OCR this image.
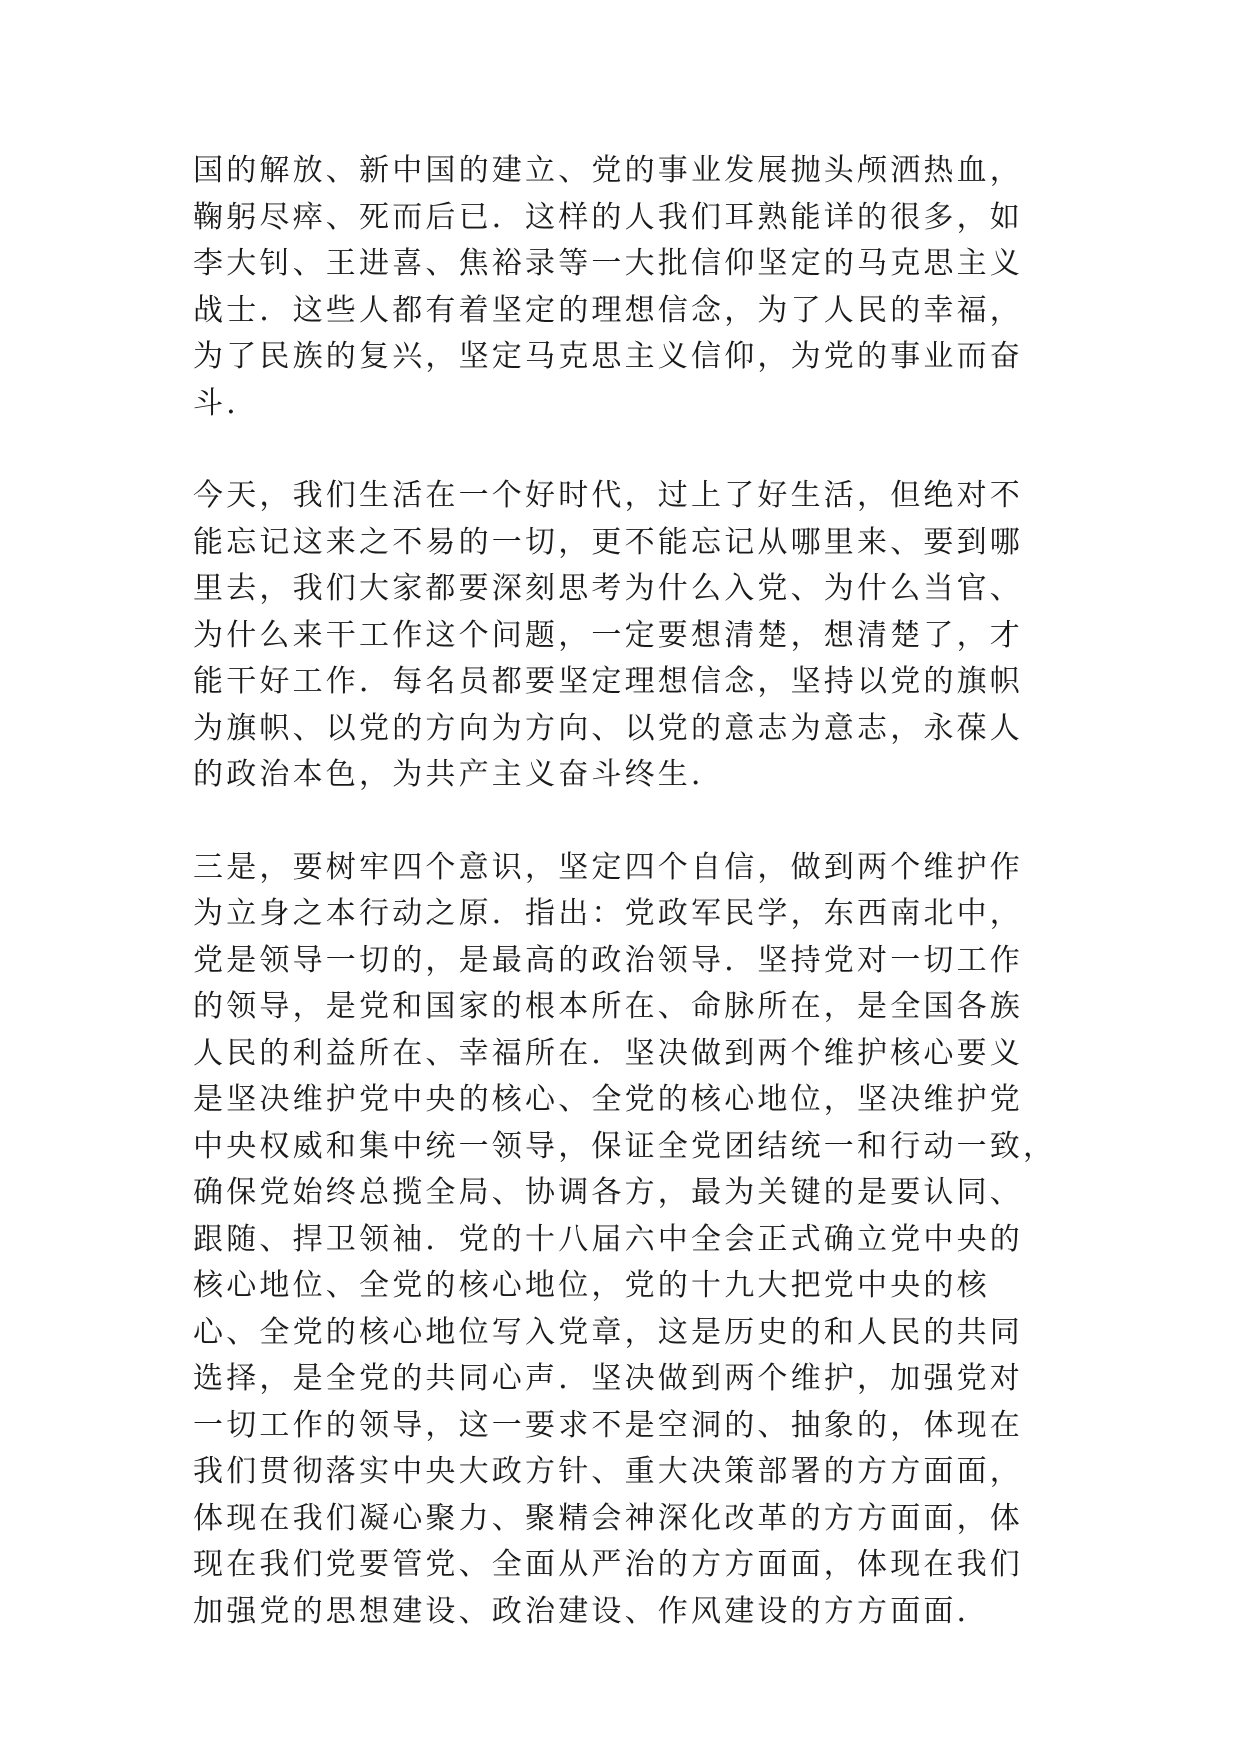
国的解放、新中国的建立、党的事业发展抛头颅洒热血，
鞠躬尽瘁、死而后已．这样的人我们耳熟能详的很多，如
李大钊、王进喜、焦裕录等一大批信仰坚定的马克思主义
战士．这些人都有着坚定的理想信念，为了人民的幸福，
为了民族的复兴，坚定马克思主义信仰，为党的事业而奋
斗．

今天，我们生活在一个好时代，过上了好生活，但绝对不
能忘记这来之不易的一切，更不能忘记从哪里来、要到哪
里去，我们大家都要深刻思考为什么入党、为什么当官、
为什么来干工作这个问题，一定要想清楚，想清楚了，才
能干好工作．每名员都要坚定理想信念，坚持以党的旗帜
为旗帜、以党的方向为方向、以党的意志为意志，永葆人
的政治本色，为共产主义奋斗终生．

三是，要树牢四个意识，坚定四个自信，做到两个维护作
为立身之本行动之原．指出：党政军民学，东西南北中，
党是领导一切的，是最高的政治领导．坚持党对一切工作
的领导，是党和国家的根本所在、命脉所在，是全国各族
人民的利益所在、幸福所在．坚决做到两个维护核心要义
是坚决维护党中央的核心、全党的核心地位，坚决维护党
中央权威和集中统一领导，保证全党团结统一和行动一致，
确保党始终总揽全局、协调各方，最为关键的是要认同、
跟随、捍卫领袖．党的十八届六中全会正式确立党中央的
核心地位、全党的核心地位，党的十九大把党中央的核
心、全党的核心地位写入党章，这是历史的和人民的共同
选择，是全党的共同心声．坚决做到两个维护，加强党对
一切工作的领导，这一要求不是空洞的、抽象的，体现在
我们贯彻落实中央大政方针、重大决策部署的方方面面，
体现在我们凝心聚力、聚精会神深化改革的方方面面，体
现在我们党要管党、全面从严治的方方面面，体现在我们
加强党的思想建设、政治建设、作风建设的方方面面．
